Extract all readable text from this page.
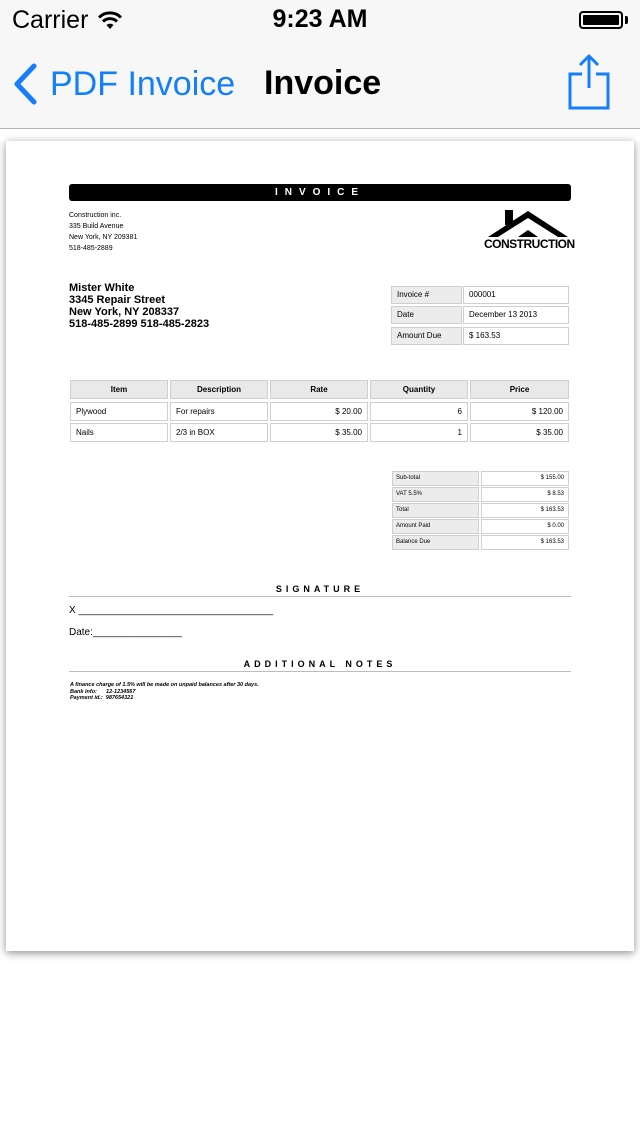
Carrier	9:23 AM
PDF Invoice Invoice
INVOICE
Construction inc.
335 Build Avenue
New York, NY 209381
518-485-2889	CONSTRUCTION
Mister White
3345 Repair Street
New York, NY 208337
518-485-2899 518-485-2823
Invoice #	000001
Date	December 13 2013
Amount Due	$ 163.53
Item	Description	Rate	Quantity	Price
Plywood	For repairs	$ 20.00	6	$ 120.00
Nails	2/3 in BOX	$ 35.00	1	$ 35.00
Sub-total	$ 155.00
VAT 5.5%	$ 8.53
Total	$ 163.53
Amount Paid	$ 0.00
Balance Due	$ 163.53
SIGNATURE
X ___________________________________
Date:________________
ADDITIONAL NOTES
A finance charge of 1.5% will be made on unpaid balances after 30 days.
Bank info:      12-1234567
Payment id.:  987654321
